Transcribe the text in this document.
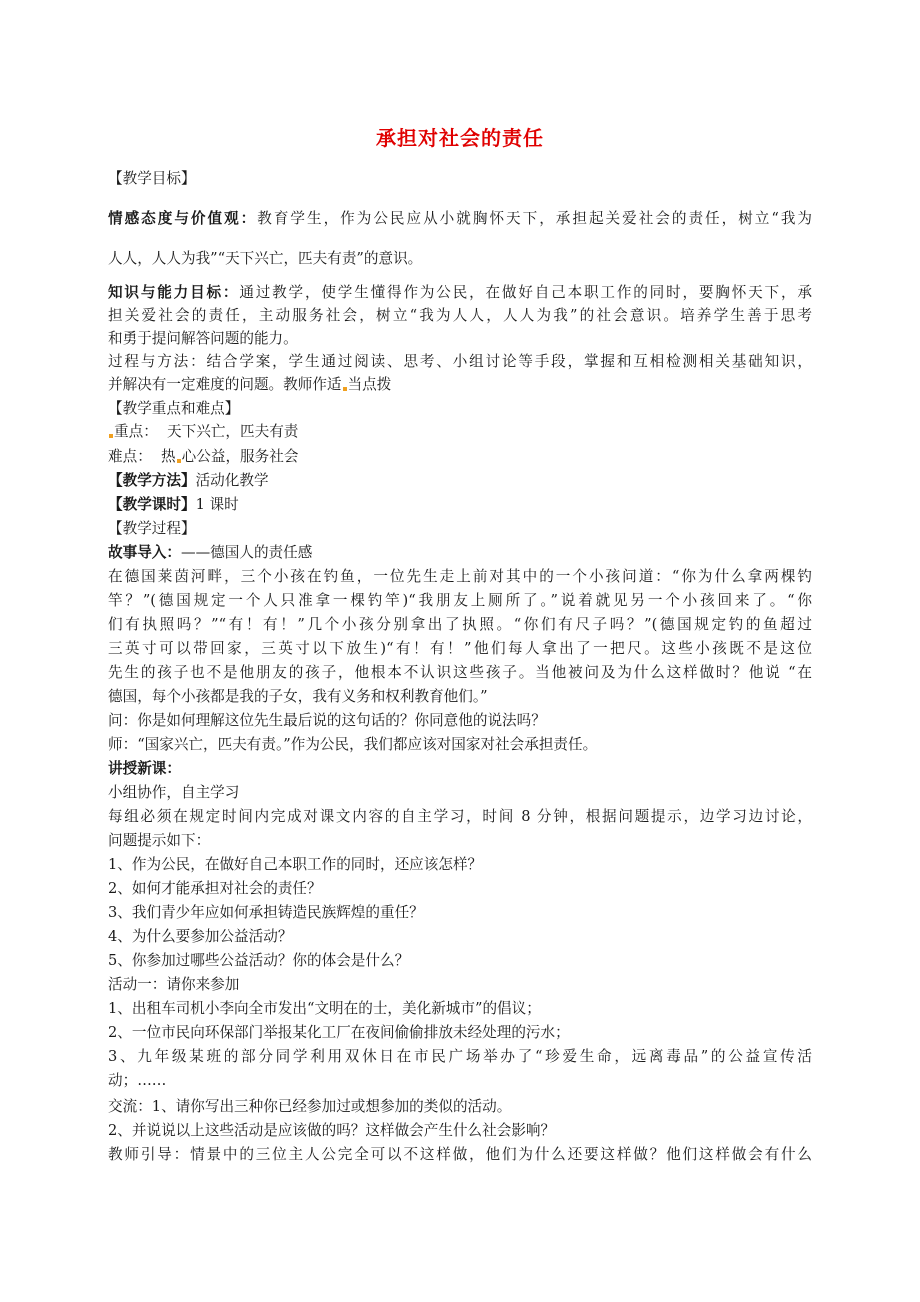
承担对社会的责任
【教学目标】
情感态度与价值观：教育学生，作为公民应从小就胸怀天下，承担起关爱社会的责任，树立“我为
人人，人人为我”“天下兴亡，匹夫有责”的意识。
知识与能力目标：通过教学，使学生懂得作为公民，在做好自己本职工作的同时，要胸怀天下，承
担关爱社会的责任，主动服务社会，树立“我为人人，人人为我”的社会意识。培养学生善于思考
和勇于提问解答问题的能力。
过程与方法：结合学案，学生通过阅读、思考、小组讨论等手段，掌握和互相检测相关基础知识，
并解决有一定难度的问题。教师作适 当点拨
【教学重点和难点】
重点：  天下兴亡，匹夫有责
难点：  热 心公益，服务社会
【教学方法】活动化教学
【教学课时】1 课时
【教学过程】
故事导入：——德国人的责任感
在德国莱茵河畔，三个小孩在钓鱼，一位先生走上前对其中的一个小孩问道：“你为什么拿两棵钓
竿？”(德国规定一个人只准拿一棵钓竿)“我朋友上厕所了。”说着就见另一个小孩回来了。“你
们有执照吗？”“有！有！”几个小孩分别拿出了执照。“你们有尺子吗？”(德国规定钓的鱼超过
三英寸可以带回家，三英寸以下放生)“有！有！”他们每人拿出了一把尺。这些小孩既不是这位
先生的孩子也不是他朋友的孩子，他根本不认识这些孩子。当他被问及为什么这样做时？他说 “在
德国，每个小孩都是我的子女，我有义务和权利教育他们。”
问：你是如何理解这位先生最后说的这句话的？你同意他的说法吗？
师：“国家兴亡，匹夫有责。”作为公民，我们都应该对国家对社会承担责任。
讲授新课：
小组协作，自主学习
每组必须在规定时间内完成对课文内容的自主学习，时间 8 分钟，根据问题提示，边学习边讨论，
问题提示如下：
1、作为公民，在做好自己本职工作的同时，还应该怎样？
2、如何才能承担对社会的责任？
3、我们青少年应如何承担铸造民族辉煌的重任？
4、为什么要参加公益活动？
5、你参加过哪些公益活动？你的体会是什么？
活动一：请你来参加
1、出租车司机小李向全市发出“文明在的士，美化新城市”的倡议；
2、一位市民向环保部门举报某化工厂在夜间偷偷排放未经处理的污水；
3、九年级某班的部分同学利用双休日在市民广场举办了“珍爱生命，远离毒品”的公益宣传活
动；……
交流：1、请你写出三种你已经参加过或想参加的类似的活动。
2、并说说以上这些活动是应该做的吗？这样做会产生什么社会影响？
教师引导：情景中的三位主人公完全可以不这样做，他们为什么还要这样做？他们这样做会有什么
